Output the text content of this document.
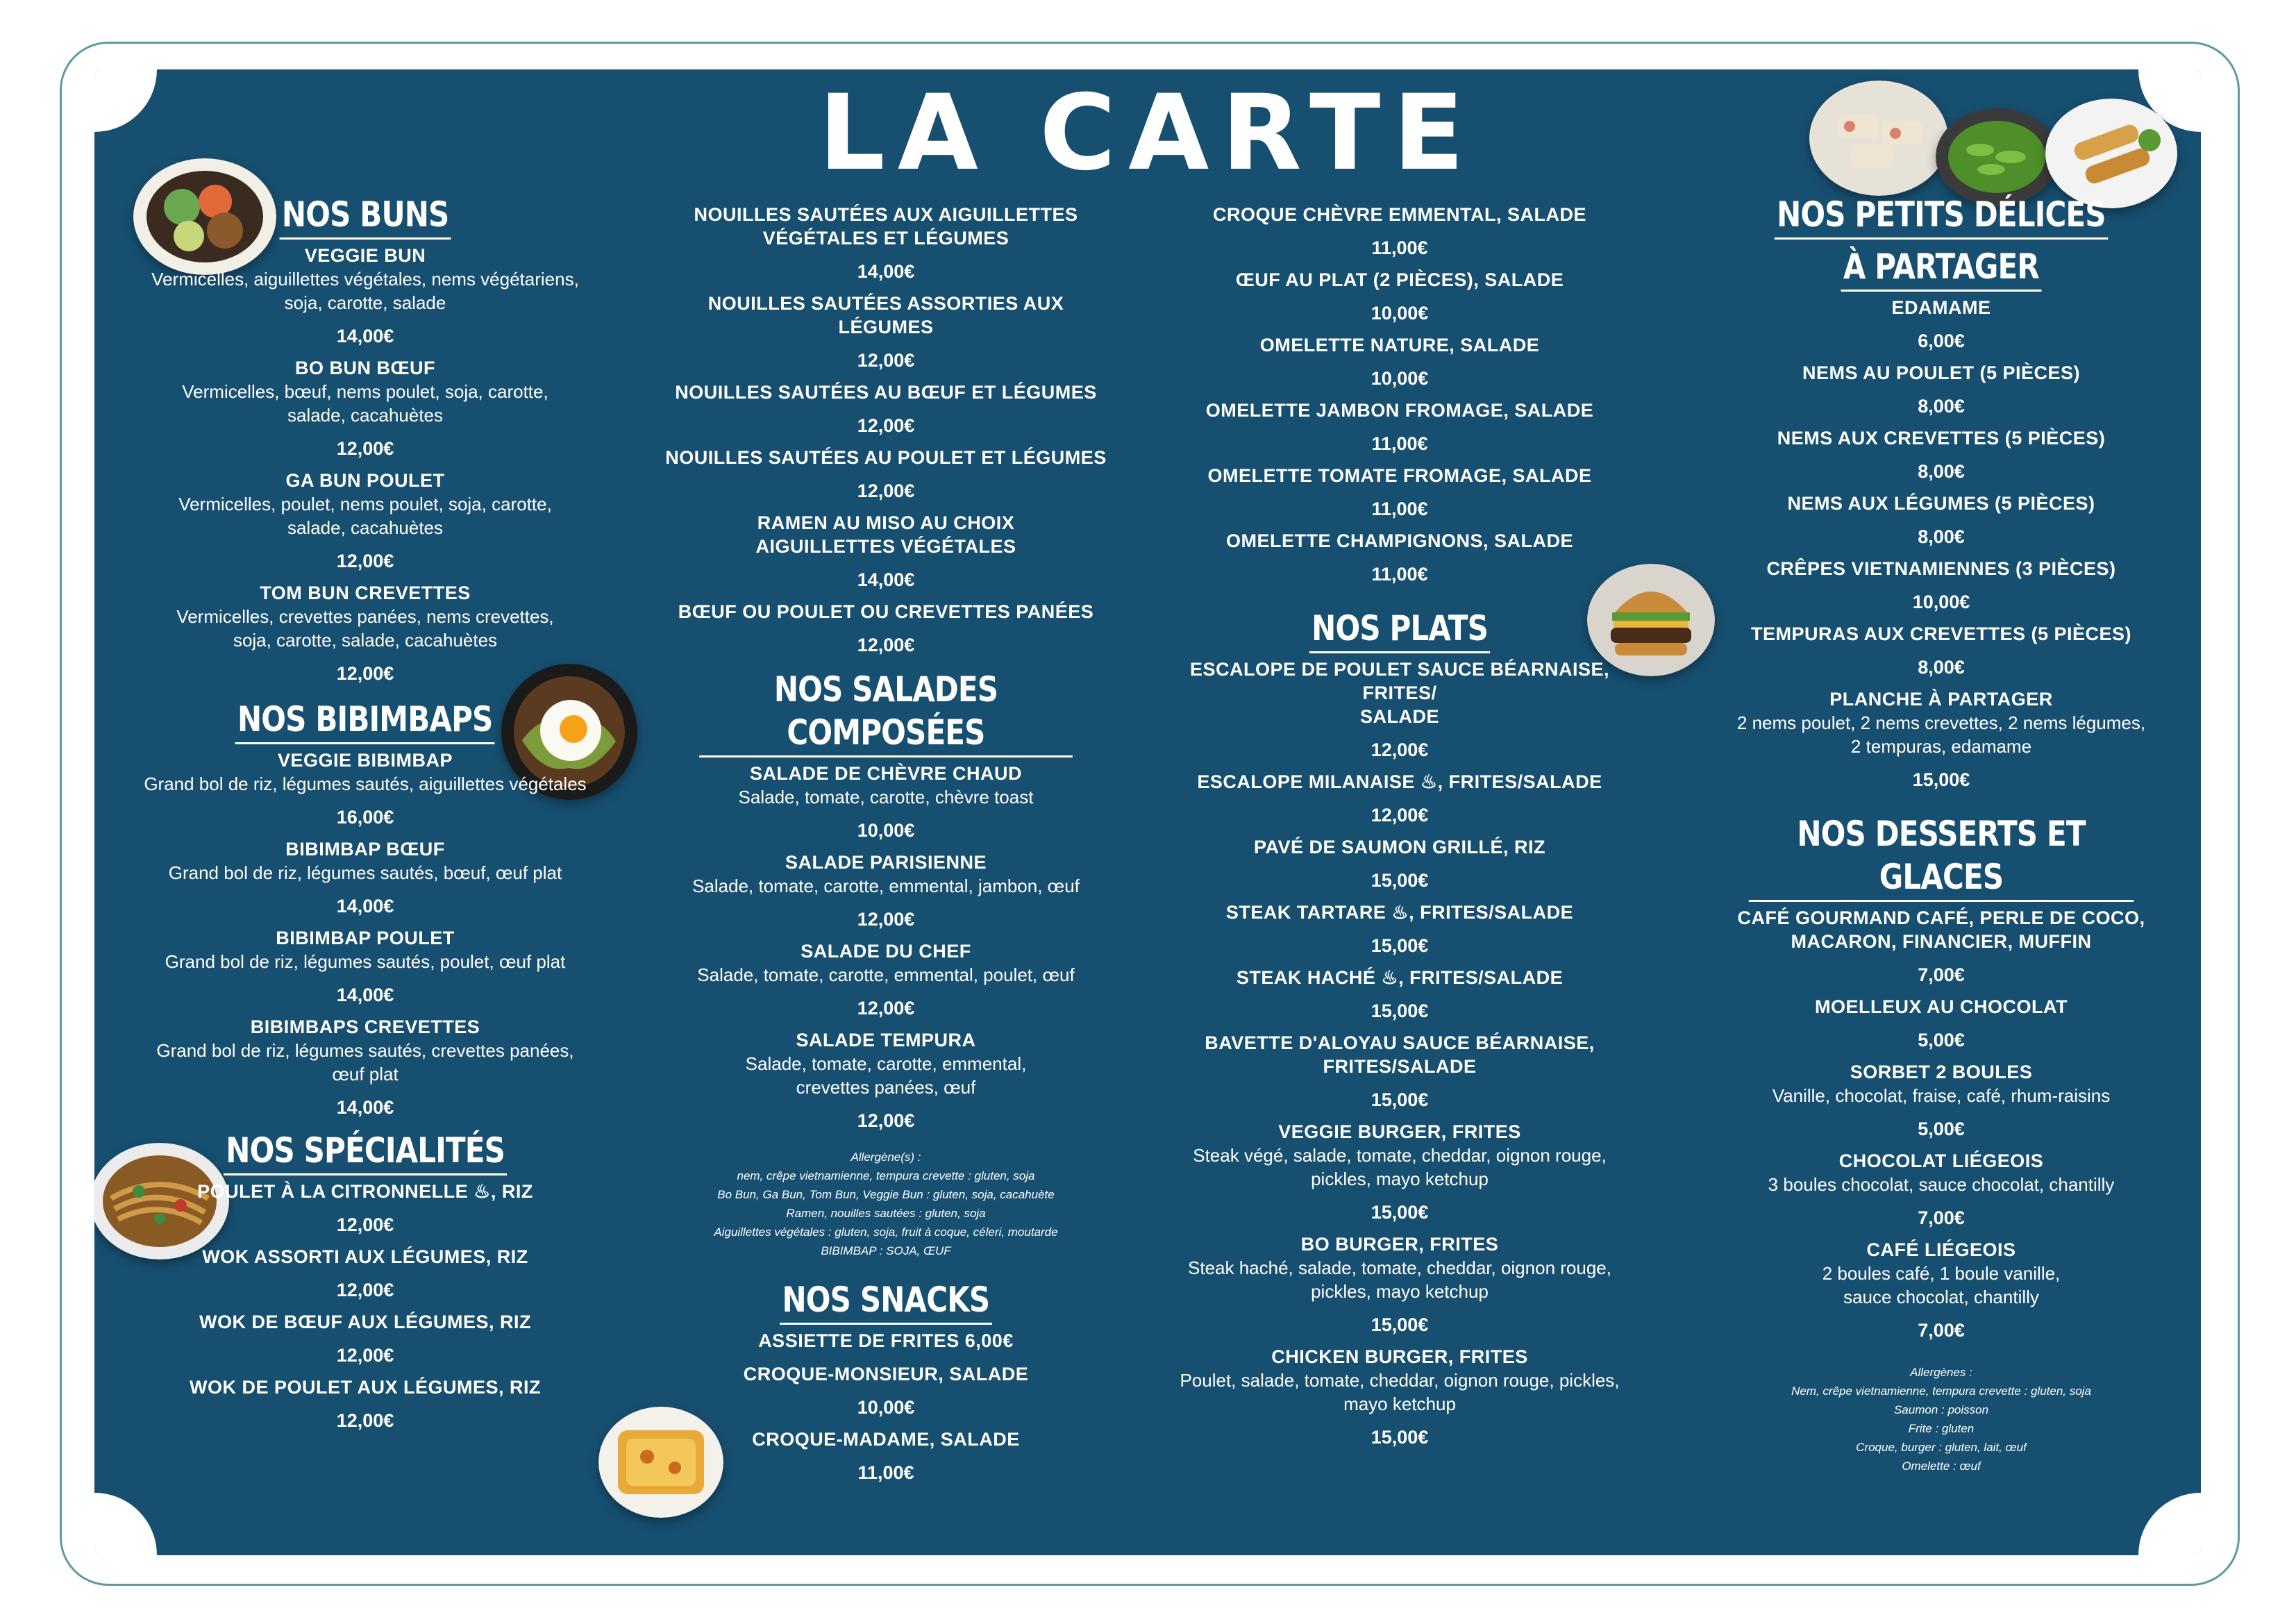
LA CARTE
NOS BUNS
VEGGIE BUN
Vermicelles, aiguillettes végétales, nems végétariens,
soja, carotte, salade
14,00€
BO BUN BŒUF
Vermicelles, bœuf, nems poulet, soja, carotte,
salade, cacahuètes
12,00€
GA BUN POULET
Vermicelles, poulet, nems poulet, soja, carotte,
salade, cacahuètes
12,00€
TOM BUN CREVETTES
Vermicelles, crevettes panées, nems crevettes,
soja, carotte, salade, cacahuètes
12,00€
NOS BIBIMBAPS
VEGGIE BIBIMBAP
Grand bol de riz, légumes sautés, aiguillettes végétales
16,00€
BIBIMBAP BŒUF
Grand bol de riz, légumes sautés, bœuf, œuf plat
14,00€
BIBIMBAP POULET
Grand bol de riz, légumes sautés, poulet, œuf plat
14,00€
BIBIMBAPS CREVETTES
Grand bol de riz, légumes sautés, crevettes panées,
œuf plat
14,00€
NOS SPÉCIALITÉS
POULET À LA CITRONNELLE ♨, RIZ
12,00€
WOK ASSORTI AUX LÉGUMES, RIZ
12,00€
WOK DE BŒUF AUX LÉGUMES, RIZ
12,00€
WOK DE POULET AUX LÉGUMES, RIZ
12,00€
NOUILLES SAUTÉES AUX AIGUILLETTES
VÉGÉTALES ET LÉGUMES
14,00€
NOUILLES SAUTÉES ASSORTIES AUX LÉGUMES
12,00€
NOUILLES SAUTÉES AU BŒUF ET LÉGUMES
12,00€
NOUILLES SAUTÉES AU POULET ET LÉGUMES
12,00€
RAMEN AU MISO AU CHOIX
AIGUILLETTES VÉGÉTALES
14,00€
BŒUF OU POULET OU CREVETTES PANÉES
12,00€
NOS SALADES COMPOSÉES
SALADE DE CHÈVRE CHAUD
Salade, tomate, carotte, chèvre toast
10,00€
SALADE PARISIENNE
Salade, tomate, carotte, emmental, jambon, œuf
12,00€
SALADE DU CHEF
Salade, tomate, carotte, emmental, poulet, œuf
12,00€
SALADE TEMPURA
Salade, tomate, carotte, emmental,
crevettes panées, œuf
12,00€
Allergène(s) :
nem, crêpe vietnamienne, tempura crevette : gluten, soja
Bo Bun, Ga Bun, Tom Bun, Veggie Bun : gluten, soja, cacahuète
Ramen, nouilles sautées : gluten, soja
Aiguillettes végétales : gluten, soja, fruit à coque, céleri, moutarde
BIBIMBAP : SOJA, ŒUF
NOS SNACKS
ASSIETTE DE FRITES 6,00€
CROQUE-MONSIEUR, SALADE
10,00€
CROQUE-MADAME, SALADE
11,00€
CROQUE CHÈVRE EMMENTAL, SALADE
11,00€
ŒUF AU PLAT (2 PIÈCES), SALADE
10,00€
OMELETTE NATURE, SALADE
10,00€
OMELETTE JAMBON FROMAGE, SALADE
11,00€
OMELETTE TOMATE FROMAGE, SALADE
11,00€
OMELETTE CHAMPIGNONS, SALADE
11,00€
NOS PLATS
ESCALOPE DE POULET SAUCE BÉARNAISE, FRITES/
SALADE
12,00€
ESCALOPE MILANAISE ♨, FRITES/SALADE
12,00€
PAVÉ DE SAUMON GRILLÉ, RIZ
15,00€
STEAK TARTARE ♨, FRITES/SALADE
15,00€
STEAK HACHÉ ♨, FRITES/SALADE
15,00€
BAVETTE D'ALOYAU SAUCE BÉARNAISE,
FRITES/SALADE
15,00€
VEGGIE BURGER, FRITES
Steak végé, salade, tomate, cheddar, oignon rouge,
pickles, mayo ketchup
15,00€
BO BURGER, FRITES
Steak haché, salade, tomate, cheddar, oignon rouge,
pickles, mayo ketchup
15,00€
CHICKEN BURGER, FRITES
Poulet, salade, tomate, cheddar, oignon rouge, pickles,
mayo ketchup
15,00€
NOS PETITS DÉLICES
À PARTAGER
EDAMAME
6,00€
NEMS AU POULET (5 PIÈCES)
8,00€
NEMS AUX CREVETTES (5 PIÈCES)
8,00€
NEMS AUX LÉGUMES (5 PIÈCES)
8,00€
CRÊPES VIETNAMIENNES (3 PIÈCES)
10,00€
TEMPURAS AUX CREVETTES (5 PIÈCES)
8,00€
PLANCHE À PARTAGER
2 nems poulet, 2 nems crevettes, 2 nems légumes,
2 tempuras, edamame
15,00€
NOS DESSERTS ET GLACES
CAFÉ GOURMAND CAFÉ, PERLE DE COCO,
MACARON, FINANCIER, MUFFIN
7,00€
MOELLEUX AU CHOCOLAT
5,00€
SORBET 2 BOULES
Vanille, chocolat, fraise, café, rhum-raisins
5,00€
CHOCOLAT LIÉGEOIS
3 boules chocolat, sauce chocolat, chantilly
7,00€
CAFÉ LIÉGEOIS
2 boules café, 1 boule vanille,
sauce chocolat, chantilly
7,00€
Allergènes :
Nem, crêpe vietnamienne, tempura crevette : gluten, soja
Saumon : poisson
Frite : gluten
Croque, burger : gluten, lait, œuf
Omelette : œuf
